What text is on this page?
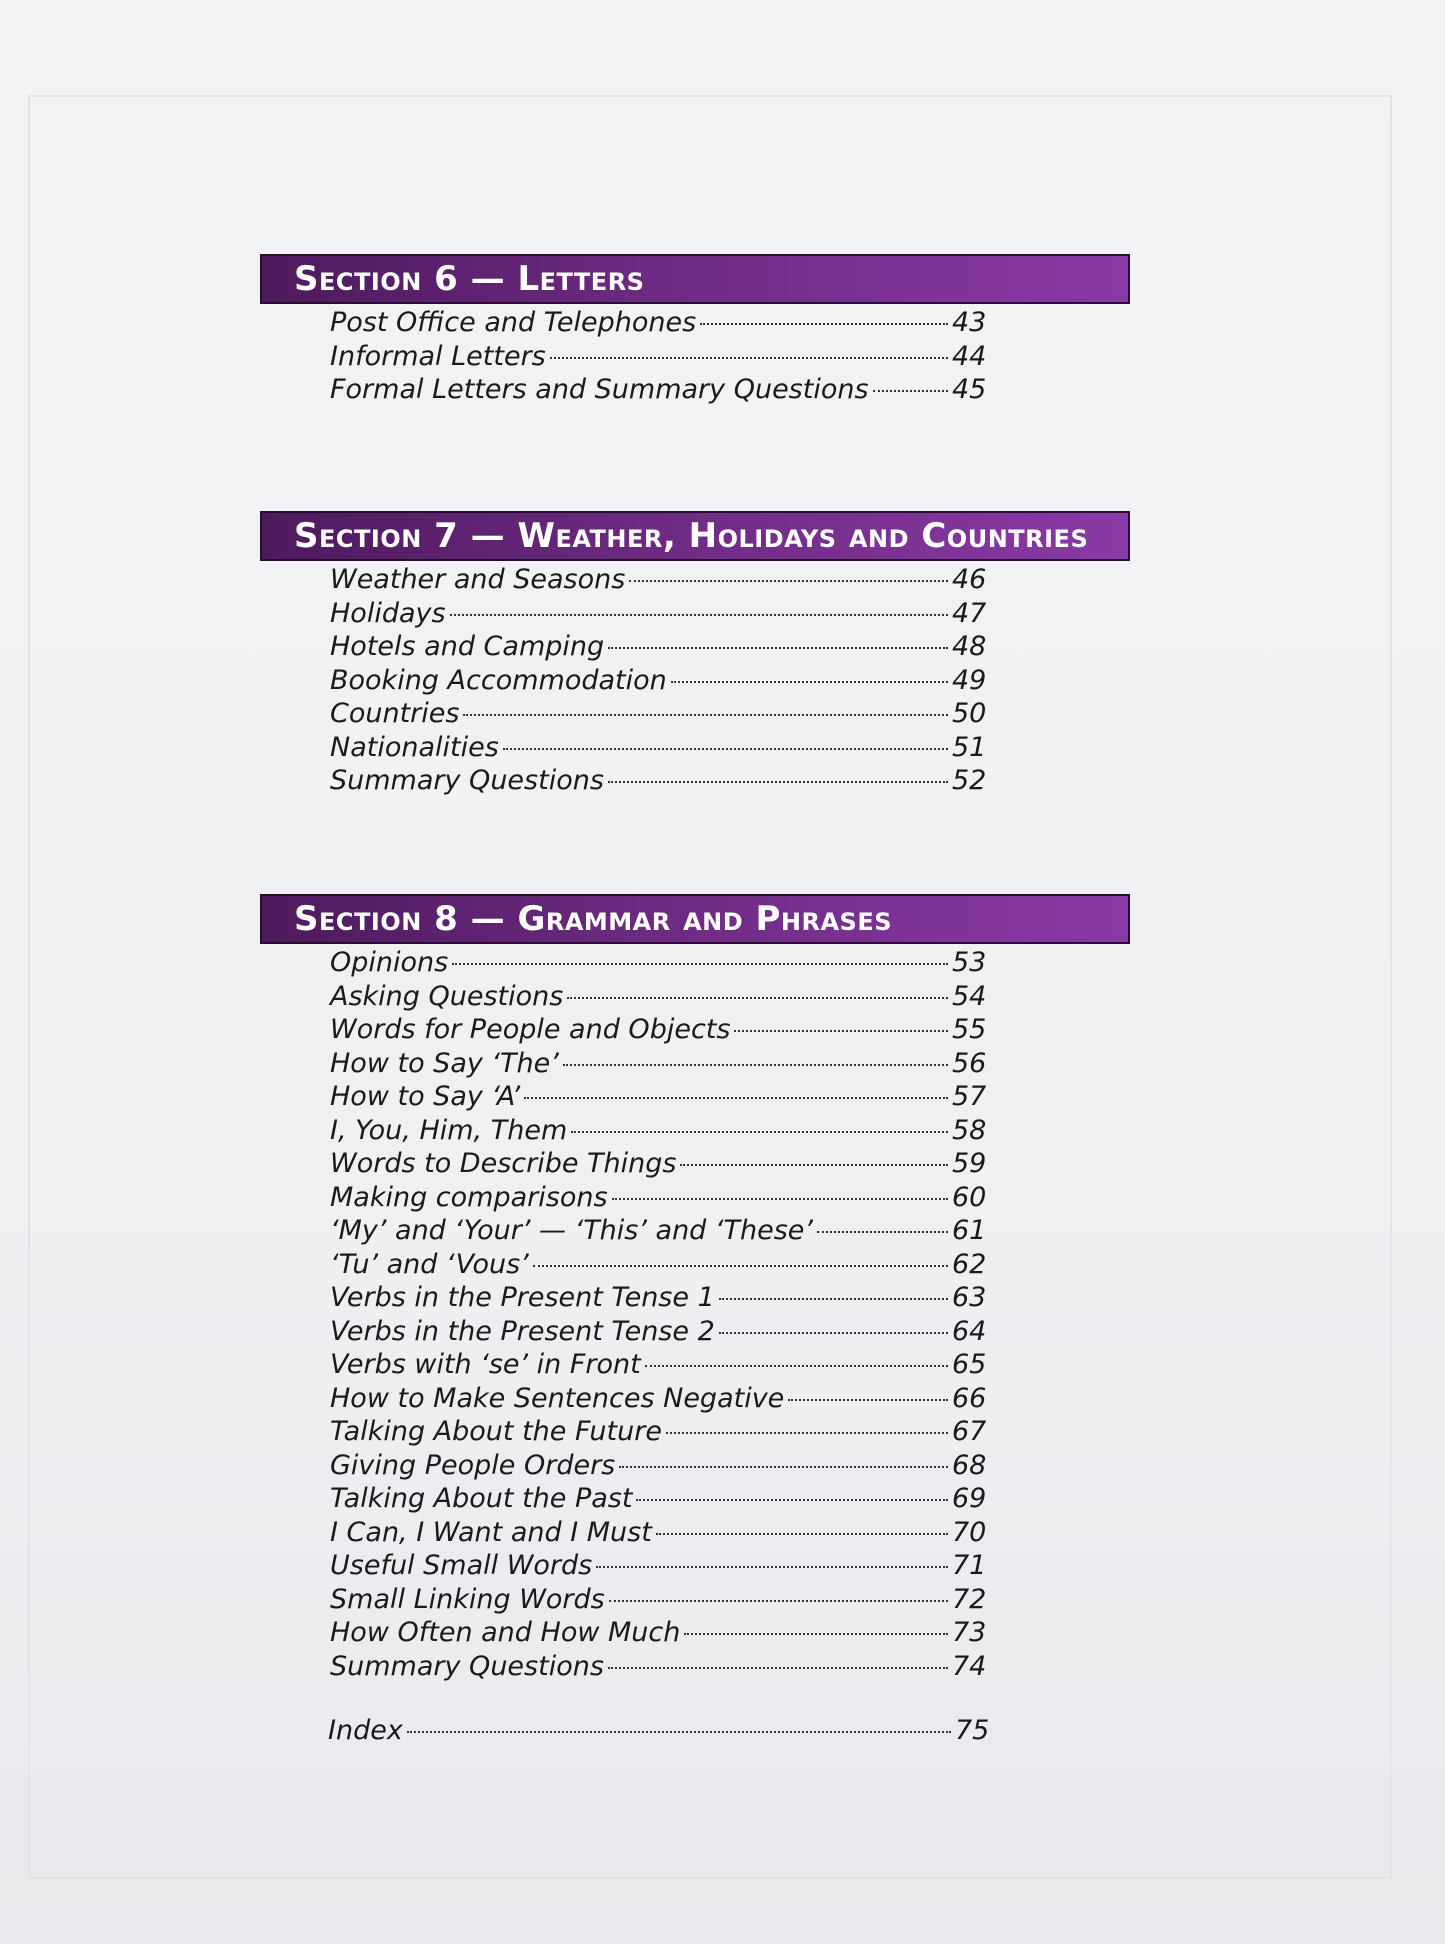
Section 6 — Letters
Post Office and Telephones	43
Informal Letters	44
Formal Letters and Summary Questions	45
Section 7 — Weather, Holidays and Countries
Weather and Seasons	46
Holidays	47
Hotels and Camping	48
Booking Accommodation	49
Countries	50
Nationalities	51
Summary Questions	52
Section 8 — Grammar and Phrases
Opinions	53
Asking Questions	54
Words for People and Objects	55
How to Say ‘The’	56
How to Say ‘A’	57
I, You, Him, Them	58
Words to Describe Things	59
Making comparisons	60
‘My’ and ‘Your’ — ‘This’ and ‘These’	61
‘Tu’ and ‘Vous’	62
Verbs in the Present Tense 1	63
Verbs in the Present Tense 2	64
Verbs with ‘se’ in Front	65
How to Make Sentences Negative	66
Talking About the Future	67
Giving People Orders	68
Talking About the Past	69
I Can, I Want and I Must	70
Useful Small Words	71
Small Linking Words	72
How Often and How Much	73
Summary Questions	74
Index	75
